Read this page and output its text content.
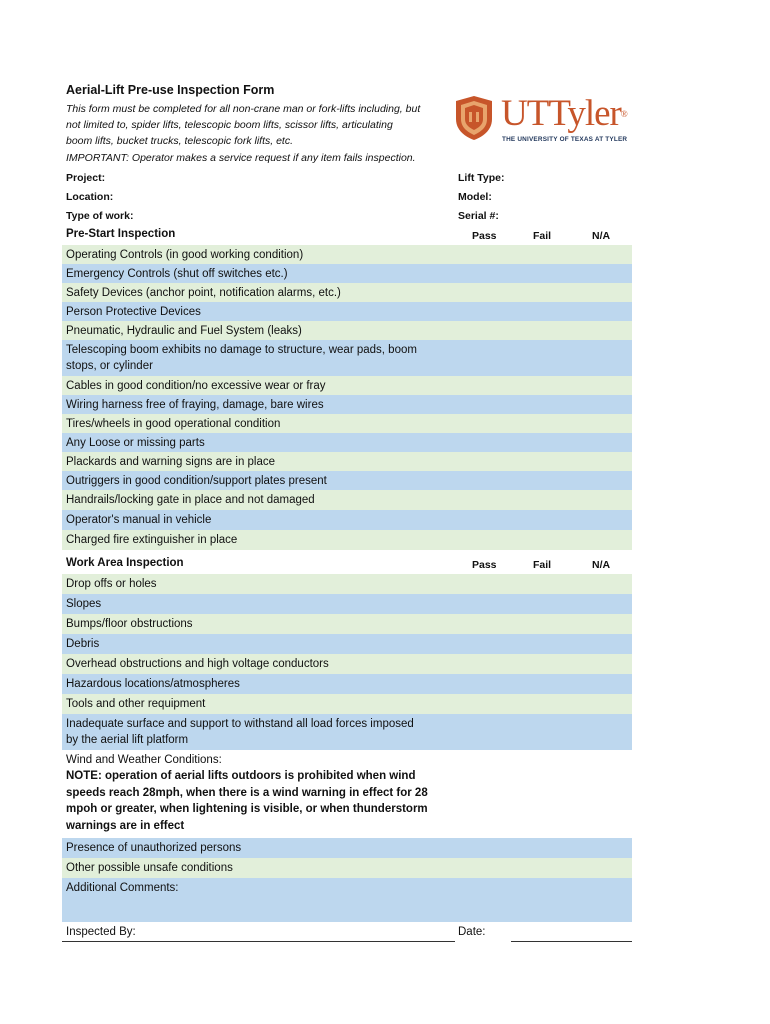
Aerial-Lift Pre-use Inspection Form
This form must be completed for all non-crane man or fork-lifts including, but
not limited to, spider lifts, telescopic boom lifts, scissor lifts, articulating
boom lifts, bucket trucks, telescopic fork lifts, etc.
IMPORTANT: Operator makes a service request if any item fails inspection.
UTTyler®
THE UNIVERSITY OF TEXAS AT TYLER
Project:
Location:
Type of work:
Lift Type:
Model:
Serial #:
Pre-Start Inspection	Pass	Fail	N/A
Operating Controls (in good working condition)
Emergency Controls (shut off switches etc.)
Safety Devices (anchor point, notification alarms, etc.)
Person Protective Devices
Pneumatic, Hydraulic and Fuel System (leaks)
Telescoping boom exhibits no damage to structure, wear pads, boom
stops, or cylinder
Cables in good condition/no excessive wear or fray
Wiring harness free of fraying, damage, bare wires
Tires/wheels in good operational condition
Any Loose or missing parts
Plackards and warning signs are in place
Outriggers in good condition/support plates present
Handrails/locking gate in place and not damaged
Operator's manual in vehicle
Charged fire extinguisher in place
Work Area Inspection	Pass	Fail	N/A
Drop offs or holes
Slopes
Bumps/floor obstructions
Debris
Overhead obstructions and high voltage conductors
Hazardous locations/atmospheres
Tools and other requipment
Inadequate surface and support to withstand all load forces imposed
by the aerial lift platform
Wind and Weather Conditions:
NOTE: operation of aerial lifts outdoors is prohibited when wind
speeds reach 28mph, when there is a wind warning in effect for 28
mpoh or greater, when lightening is visible, or when thunderstorm
warnings are in effect
Presence of unauthorized persons
Other possible unsafe conditions
Additional Comments:
Inspected By:	Date:
